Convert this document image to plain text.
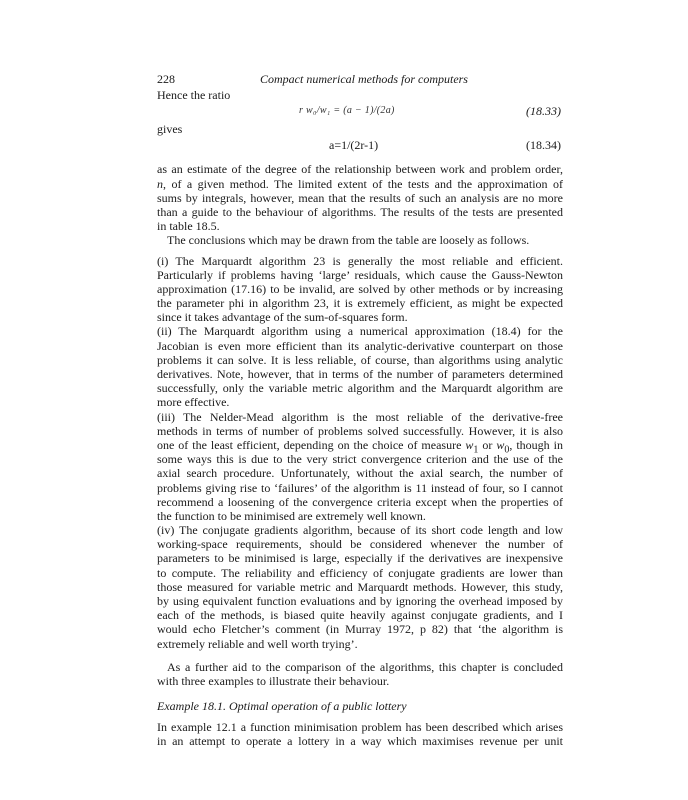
228	Compact numerical methods for computers
Hence the ratio
r w₀/w₁ = (a − 1)/(2a)	(18.33)
gives
a=1/(2r-1)	(18.34)
as an estimate of the degree of the relationship between work and problem order,
n, of a given method. The limited extent of the tests and the approximation of
sums by integrals, however, mean that the results of such an analysis are no more
than a guide to the behaviour of algorithms. The results of the tests are presented
in table 18.5.
The conclusions which may be drawn from the table are loosely as follows.
(i) The Marquardt algorithm 23 is generally the most reliable and efficient.
Particularly if problems having ‘large’ residuals, which cause the Gauss-Newton
approximation (17.16) to be invalid, are solved by other methods or by increasing
the parameter phi in algorithm 23, it is extremely efficient, as might be expected
since it takes advantage of the sum-of-squares form.
(ii) The Marquardt algorithm using a numerical approximation (18.4) for the
Jacobian is even more efficient than its analytic-derivative counterpart on those
problems it can solve. It is less reliable, of course, than algorithms using analytic
derivatives. Note, however, that in terms of the number of parameters determined
successfully, only the variable metric algorithm and the Marquardt algorithm are
more effective.
(iii) The Nelder-Mead algorithm is the most reliable of the derivative-free
methods in terms of number of problems solved successfully. However, it is also
one of the least efficient, depending on the choice of measure $w_1$ or $w_0$, though in
some ways this is due to the very strict convergence criterion and the use of the
axial search procedure. Unfortunately, without the axial search, the number of
problems giving rise to ‘failures’ of the algorithm is 11 instead of four, so I cannot
recommend a loosening of the convergence criteria except when the properties of
the function to be minimised are extremely well known.
(iv) The conjugate gradients algorithm, because of its short code length and low
working-space requirements, should be considered whenever the number of
parameters to be minimised is large, especially if the derivatives are inexpensive
to compute. The reliability and efficiency of conjugate gradients are lower than
those measured for variable metric and Marquardt methods. However, this study,
by using equivalent function evaluations and by ignoring the overhead imposed by
each of the methods, is biased quite heavily against conjugate gradients, and I
would echo Fletcher’s comment (in Murray 1972, p 82) that ‘the algorithm is
extremely reliable and well worth trying’.
As a further aid to the comparison of the algorithms, this chapter is concluded
with three examples to illustrate their behaviour.
Example 18.1. Optimal operation of a public lottery
In example 12.1 a function minimisation problem has been described which arises
in an attempt to operate a lottery in a way which maximises revenue per unit
